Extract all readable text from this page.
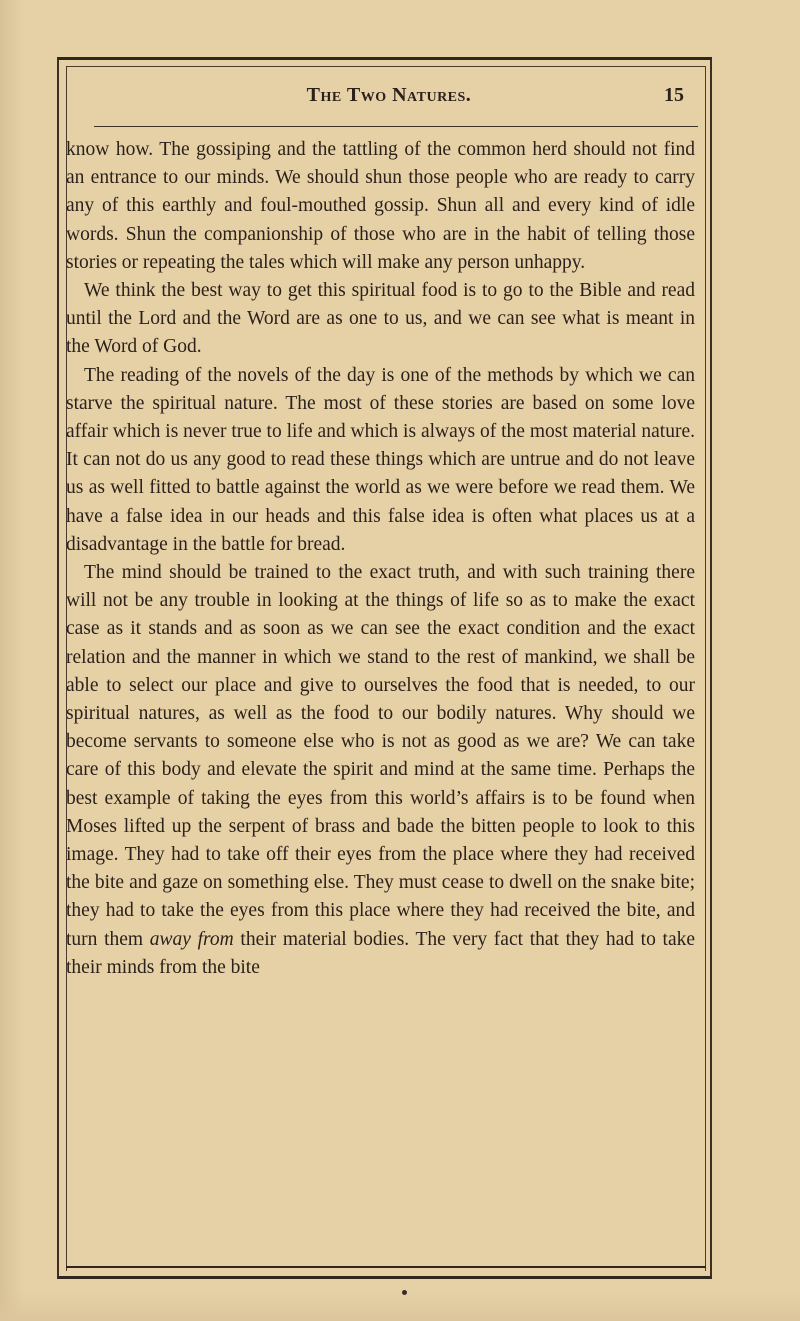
The Two Natures.	15

know how. The gossiping and the tattling of the common herd should not find an entrance to our minds. We should shun those people who are ready to carry any of this earthly and foul-mouthed gossip. Shun all and every kind of idle words. Shun the companionship of those who are in the habit of telling those stories or repeating the tales which will make any person unhappy.

We think the best way to get this spiritual food is to go to the Bible and read until the Lord and the Word are as one to us, and we can see what is meant in the Word of God.

The reading of the novels of the day is one of the methods by which we can starve the spiritual nature. The most of these stories are based on some love affair which is never true to life and which is always of the most material nature. It can not do us any good to read these things which are untrue and do not leave us as well fitted to battle against the world as we were before we read them. We have a false idea in our heads and this false idea is often what places us at a disadvantage in the battle for bread.

The mind should be trained to the exact truth, and with such training there will not be any trouble in looking at the things of life so as to make the exact case as it stands and as soon as we can see the exact condition and the exact relation and the manner in which we stand to the rest of mankind, we shall be able to select our place and give to ourselves the food that is needed, to our spiritual natures, as well as the food to our bodily natures. Why should we become servants to someone else who is not as good as we are? We can take care of this body and elevate the spirit and mind at the same time. Perhaps the best example of taking the eyes from this world’s affairs is to be found when Moses lifted up the serpent of brass and bade the bitten people to look to this image. They had to take off their eyes from the place where they had received the bite and gaze on something else. They must cease to dwell on the snake bite; they had to take the eyes from this place where they had received the bite, and turn them away from their material bodies. The very fact that they had to take their minds from the bite
